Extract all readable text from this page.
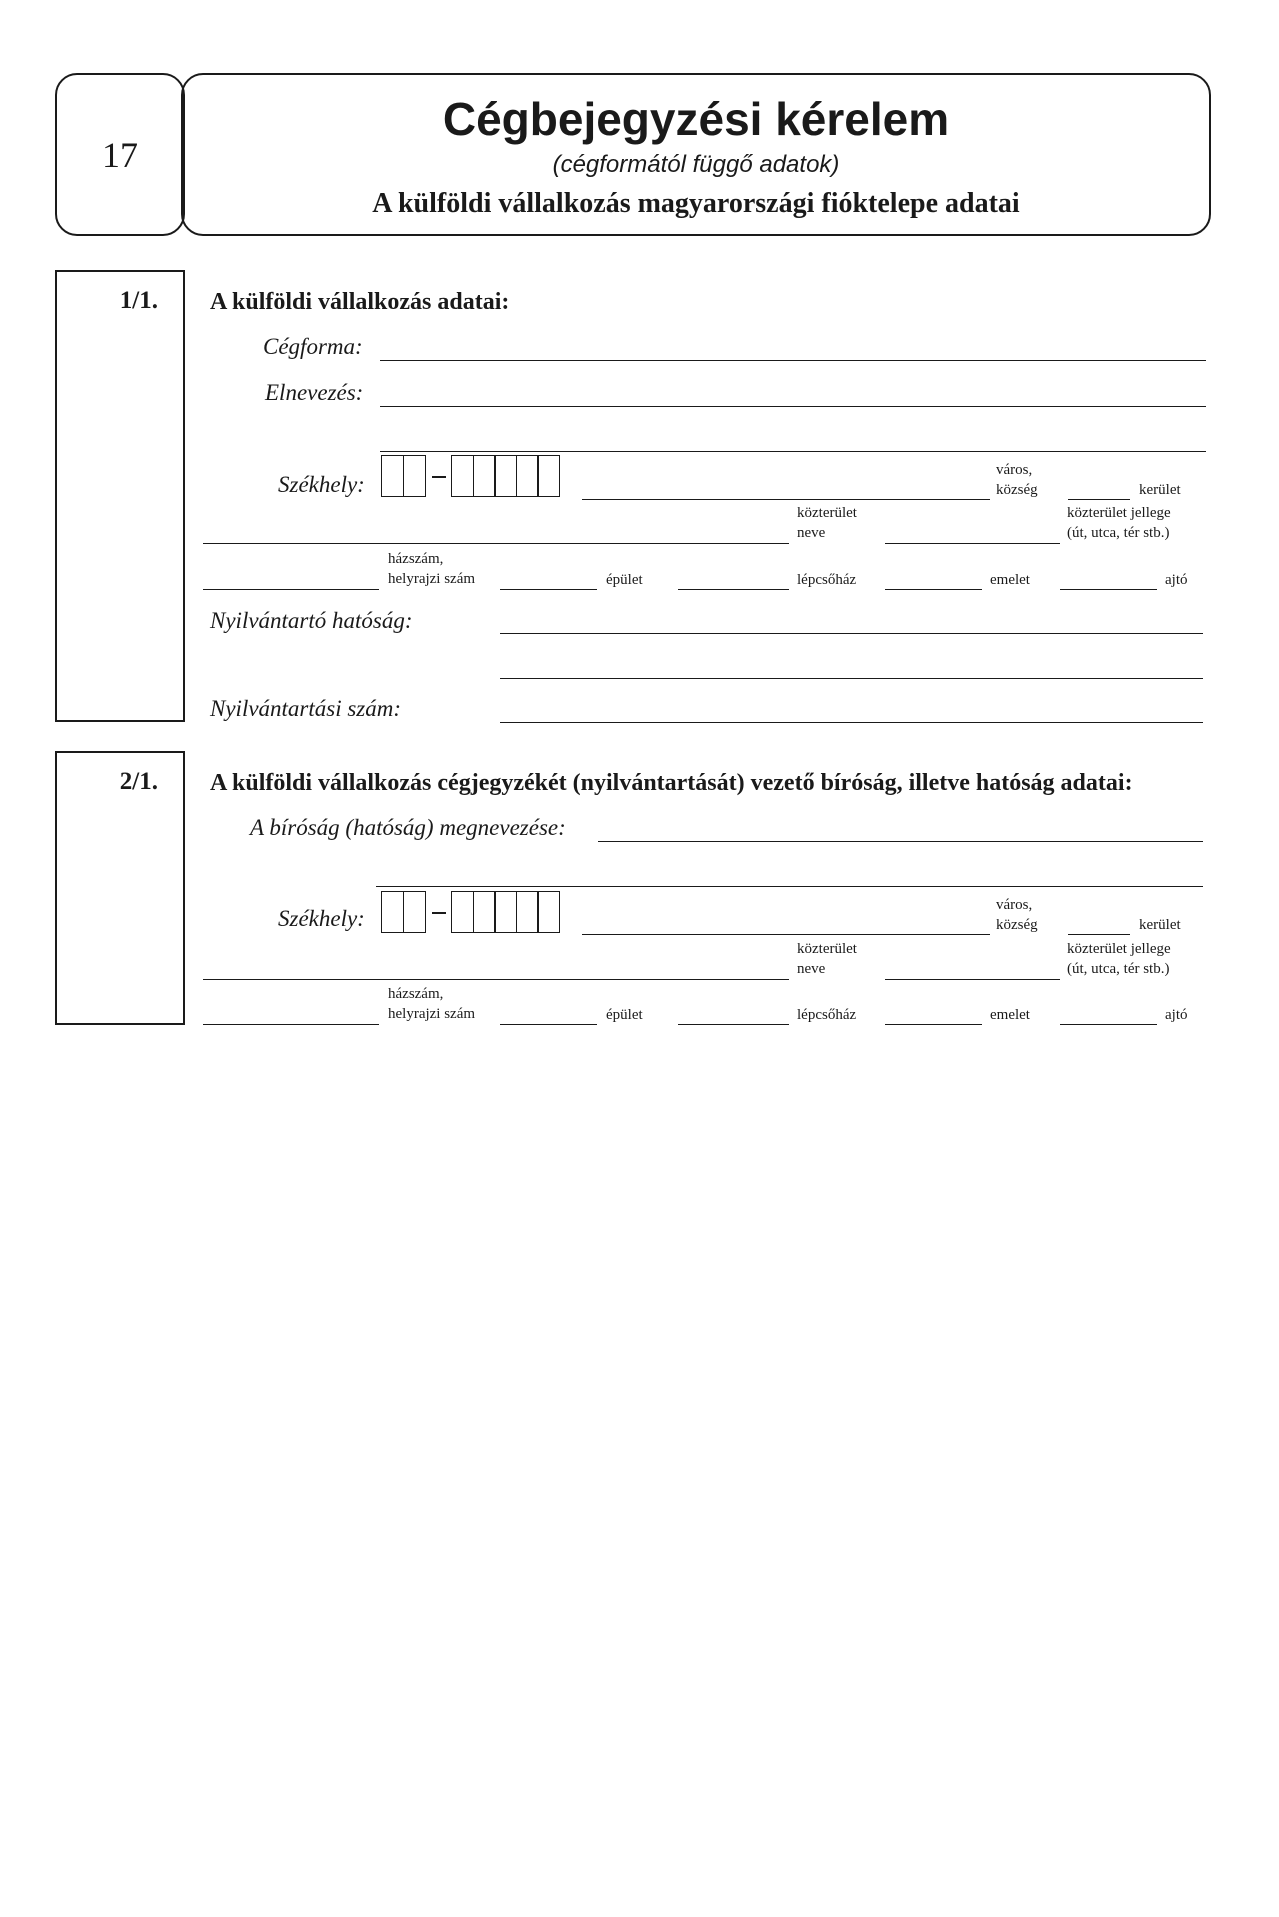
17
Cégbejegyzési kérelem
(cégformától függő adatok)
A külföldi vállalkozás magyarországi fióktelepe adatai
1/1. A külföldi vállalkozás adatai:
Cégforma:
Elnevezés:
Székhely:
város,
község	kerület
közterület
neve
közterület jellege
(út, utca, tér stb.)
házszám,
helyrajzi szám	épület	lépcsőház	emelet	ajtó
Nyilvántartó hatóság:
Nyilvántartási szám:
2/1. A külföldi vállalkozás cégjegyzékét (nyilvántartását) vezető bíróság, illetve hatóság adatai:
A bíróság (hatóság) megnevezése:
Székhely:
város,
község	kerület
közterület
neve
közterület jellege
(út, utca, tér stb.)
házszám,
helyrajzi szám	épület	lépcsőház	emelet	ajtó
